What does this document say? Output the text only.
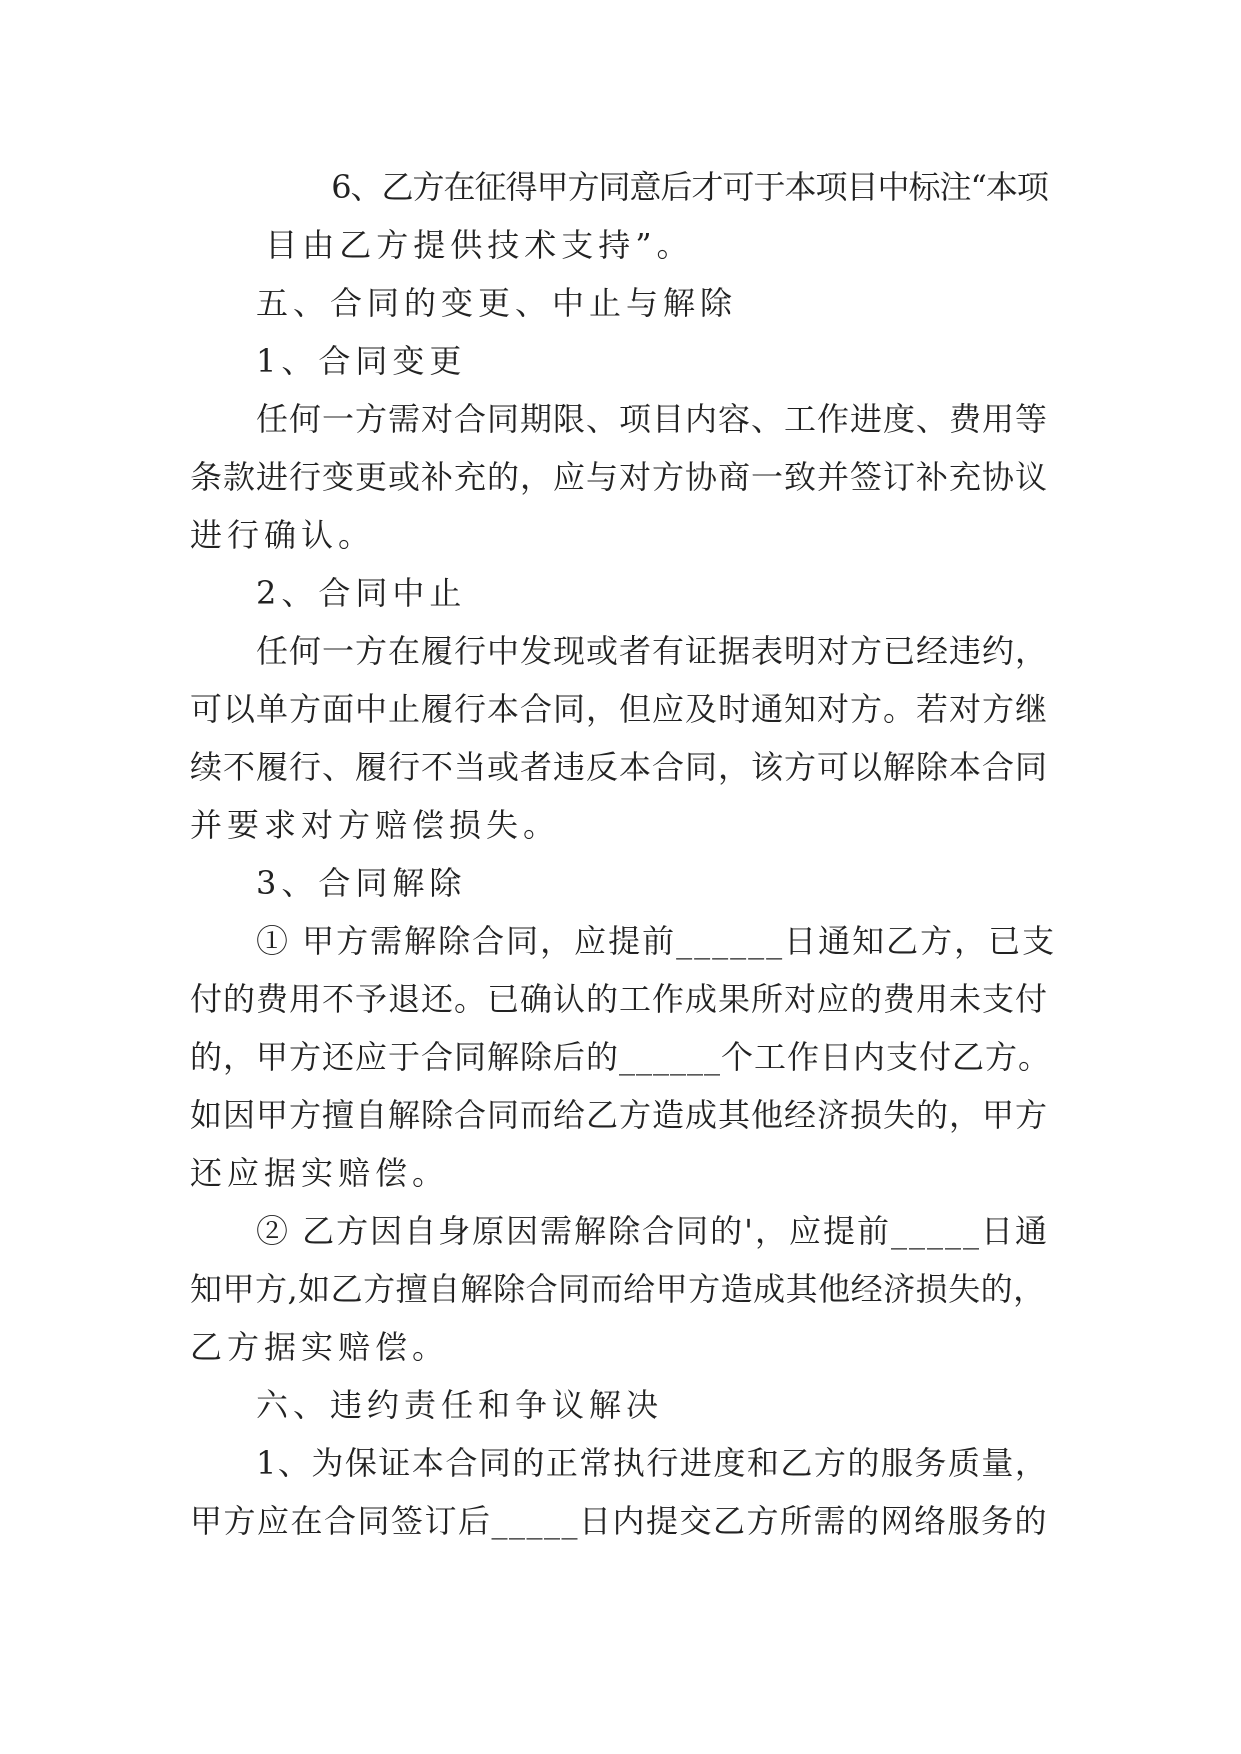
6、乙方在征得甲方同意后才可于本项目中标注“本项
目由乙方提供技术支持”。
五、合同的变更、中止与解除
1、合同变更
任何一方需对合同期限、项目内容、工作进度、费用等
条款进行变更或补充的，应与对方协商一致并签订补充协议
进行确认。
2、合同中止
任何一方在履行中发现或者有证据表明对方已经违约，
可以单方面中止履行本合同，但应及时通知对方。若对方继
续不履行、履行不当或者违反本合同，该方可以解除本合同
并要求对方赔偿损失。
3、合同解除
① 甲方需解除合同，应提前______日通知乙方，已支
付的费用不予退还。已确认的工作成果所对应的费用未支付
的，甲方还应于合同解除后的______个工作日内支付乙方。
如因甲方擅自解除合同而给乙方造成其他经济损失的，甲方
还应据实赔偿。
② 乙方因自身原因需解除合同的'，应提前_____日通
知甲方,如乙方擅自解除合同而给甲方造成其他经济损失的，
乙方据实赔偿。
六、违约责任和争议解决
1、为保证本合同的正常执行进度和乙方的服务质量，
甲方应在合同签订后_____日内提交乙方所需的网络服务的
